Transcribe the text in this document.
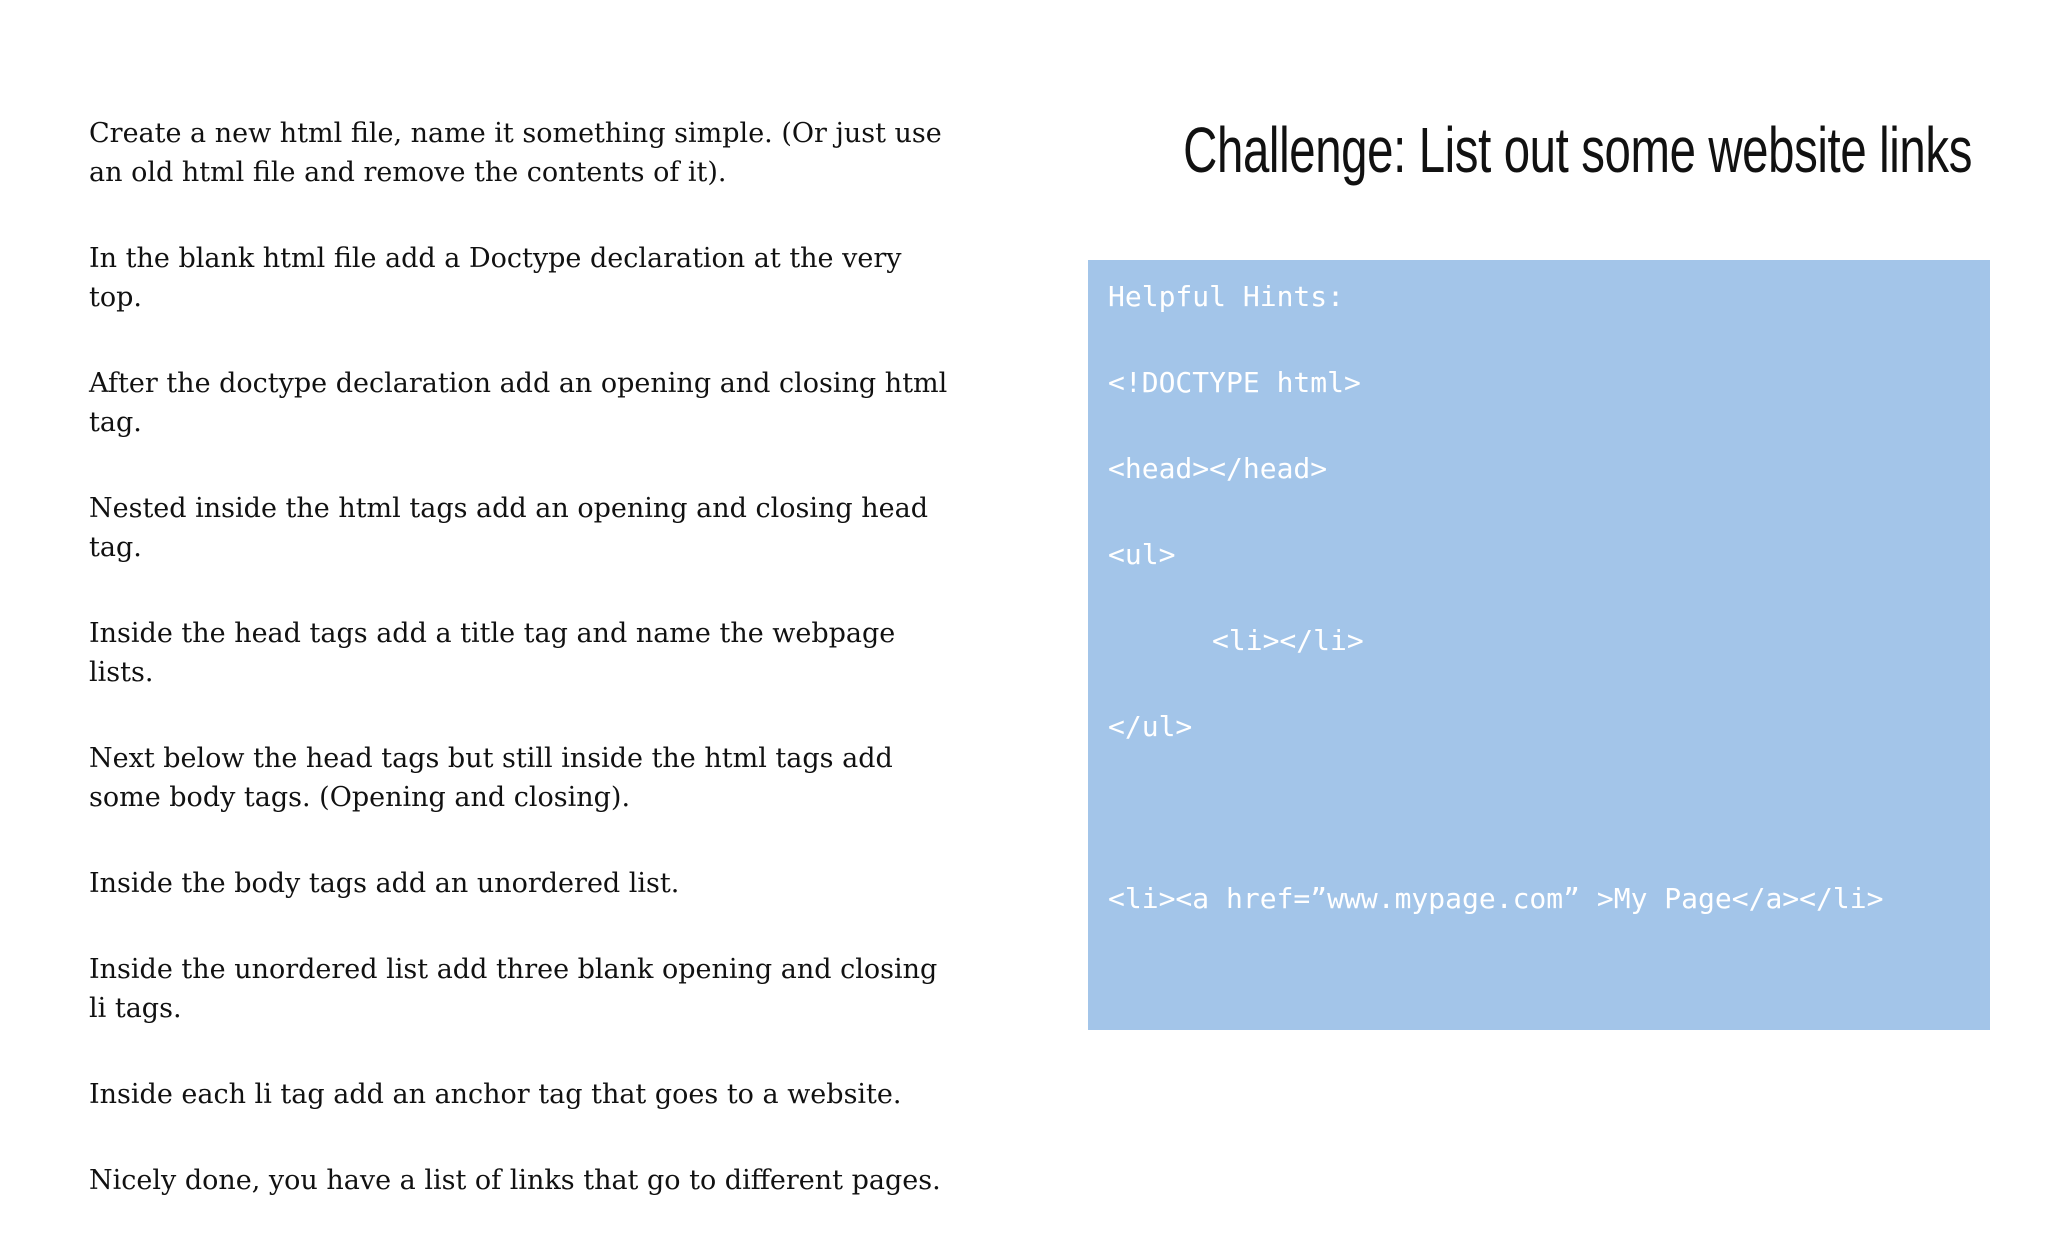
Create a new html file, name it something simple. (Or just use an old html file and remove the contents of it).

In the blank html file add a Doctype declaration at the very top.

After the doctype declaration add an opening and closing html tag.

Nested inside the html tags add an opening and closing head tag.

Inside the head tags add a title tag and name the webpage lists.

Next below the head tags but still inside the html tags add some body tags. (Opening and closing).

Inside the body tags add an unordered list.

Inside the unordered list add three blank opening and closing li tags.

Inside each li tag add an anchor tag that goes to a website.

Nicely done, you have a list of links that go to different pages.

Challenge: List out some website links
Helpful Hints:
<!DOCTYPE html>
<head></head>
<ul>
<li></li>
</ul>
<li><a href=”www.mypage.com” >My Page</a></li>
